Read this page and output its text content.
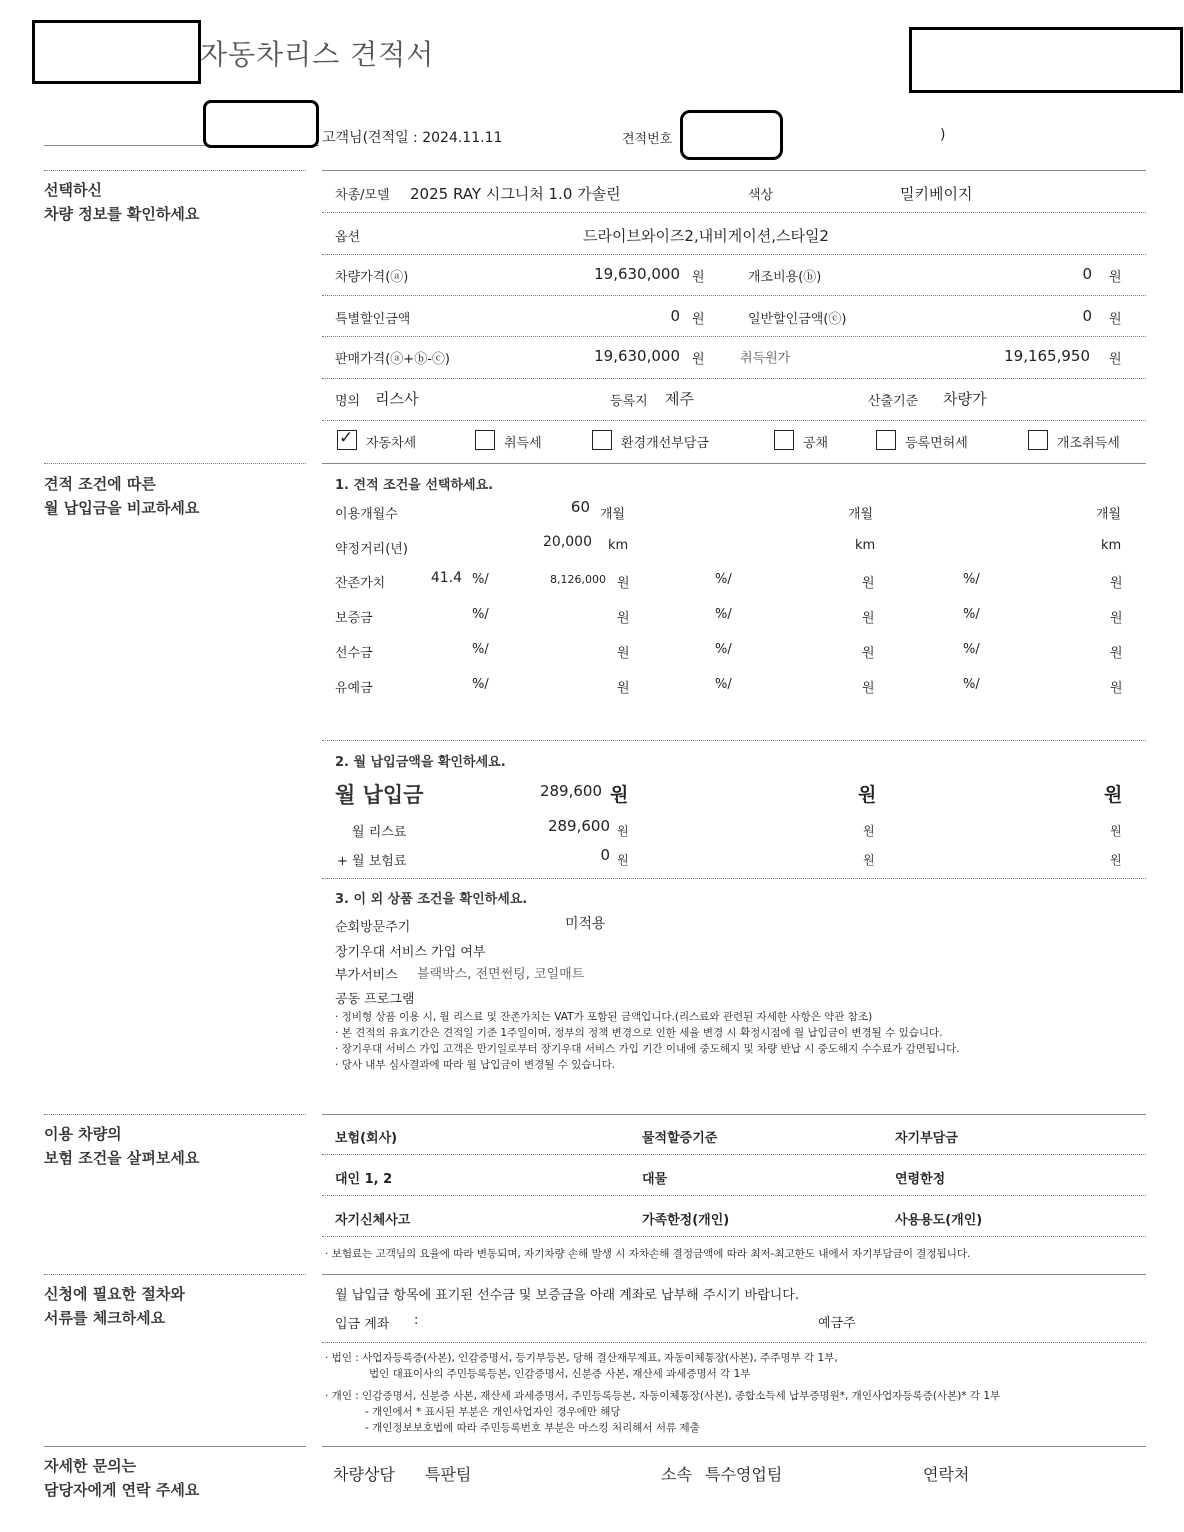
자동차리스 견적서
고객님(견적일 : 2024.11.11	견적번호	)
선택하신
차량 정보를 확인하세요
견적 조건에 따른
월 납입금을 비교하세요
이용 차량의
보험 조건을 살펴보세요
신청에 필요한 절차와
서류를 체크하세요
자세한 문의는
담당자에게 연락 주세요
차종/모델 2025 RAY 시그니처 1.0 가솔린	색상	밀키베이지
옵션	드라이브와이즈2,내비게이션,스타일2
차량가격(ⓐ)	19,630,000 원	개조비용(ⓑ)	0 원
특별할인금액	0 원	일반할인금액(ⓒ)	0 원
판매가격(ⓐ+ⓑ-ⓒ)	19,630,000 원	취득원가	19,165,950 원
명의 리스사	등록지 제주	산출기준 차량가
✓ 자동차세	취득세	환경개선부담금	공채	등록면허세	개조취득세
1. 견적 조건을 선택하세요.
이용개월수	60 개월	개월	개월
약정거리(년)	20,000 km	km	km
잔존가치	41.4 %/	8,126,000 원	%/	원	%/	원
보증금	%/	원	%/	원	%/	원
선수금	%/	원	%/	원	%/	원
유예금	%/	원	%/	원	%/	원
2. 월 납입금액을 확인하세요.
월 납입금	289,600 원	원	원
월 리스료	289,600 원	원	원
+ 월 보험료	0 원	원	원
3. 이 외 상품 조건을 확인하세요.
순회방문주기	미적용
장기우대 서비스 가입 여부
부가서비스 블랙박스, 전면썬팅, 코일매트
공동 프로그램
· 정비형 상품 이용 시, 월 리스료 및 잔존가치는 VAT가 포함된 금액입니다.(리스료와 관련된 자세한 사항은 약관 참조)
· 본 견적의 유효기간은 견적일 기준 1주일이며, 정부의 정책 변경으로 인한 세율 변경 시 확정시점에 월 납입금이 변경될 수 있습니다.
· 장기우대 서비스 가입 고객은 만기일로부터 장기우대 서비스 가입 기간 이내에 중도해지 및 차량 반납 시 중도해지 수수료가 감면됩니다.
· 당사 내부 심사결과에 따라 월 납입금이 변경될 수 있습니다.
보험(회사)	물적할증기준	자기부담금
대인 1, 2	대물	연령한정
자기신체사고	가족한정(개인)	사용용도(개인)
· 보험료는 고객님의 요율에 따라 변동되며, 자기차량 손해 발생 시 자차손해 결정금액에 따라 최저-최고한도 내에서 자기부담금이 결정됩니다.
월 납입금 항목에 표기된 선수금 및 보증금을 아래 계좌로 납부해 주시기 바랍니다.
입금 계좌 :	예금주
· 법인 : 사업자등록증(사본), 인감증명서, 등기부등본, 당해 결산재무제표, 자동이체통장(사본), 주주명부 각 1부,
법인 대표이사의 주민등록등본, 인감증명서, 신분증 사본, 재산세 과세증명서 각 1부
· 개인 : 인감증명서, 신분증 사본, 재산세 과세증명서, 주민등록등본, 자동이체통장(사본), 종합소득세 납부증명원*, 개인사업자등록증(사본)* 각 1부
- 개인에서 * 표시된 부분은 개인사업자인 경우에만 해당
- 개인정보보호법에 따라 주민등록번호 부분은 마스킹 처리해서 서류 제출
차량상담 특판팀	소속 특수영업팀	연락처
